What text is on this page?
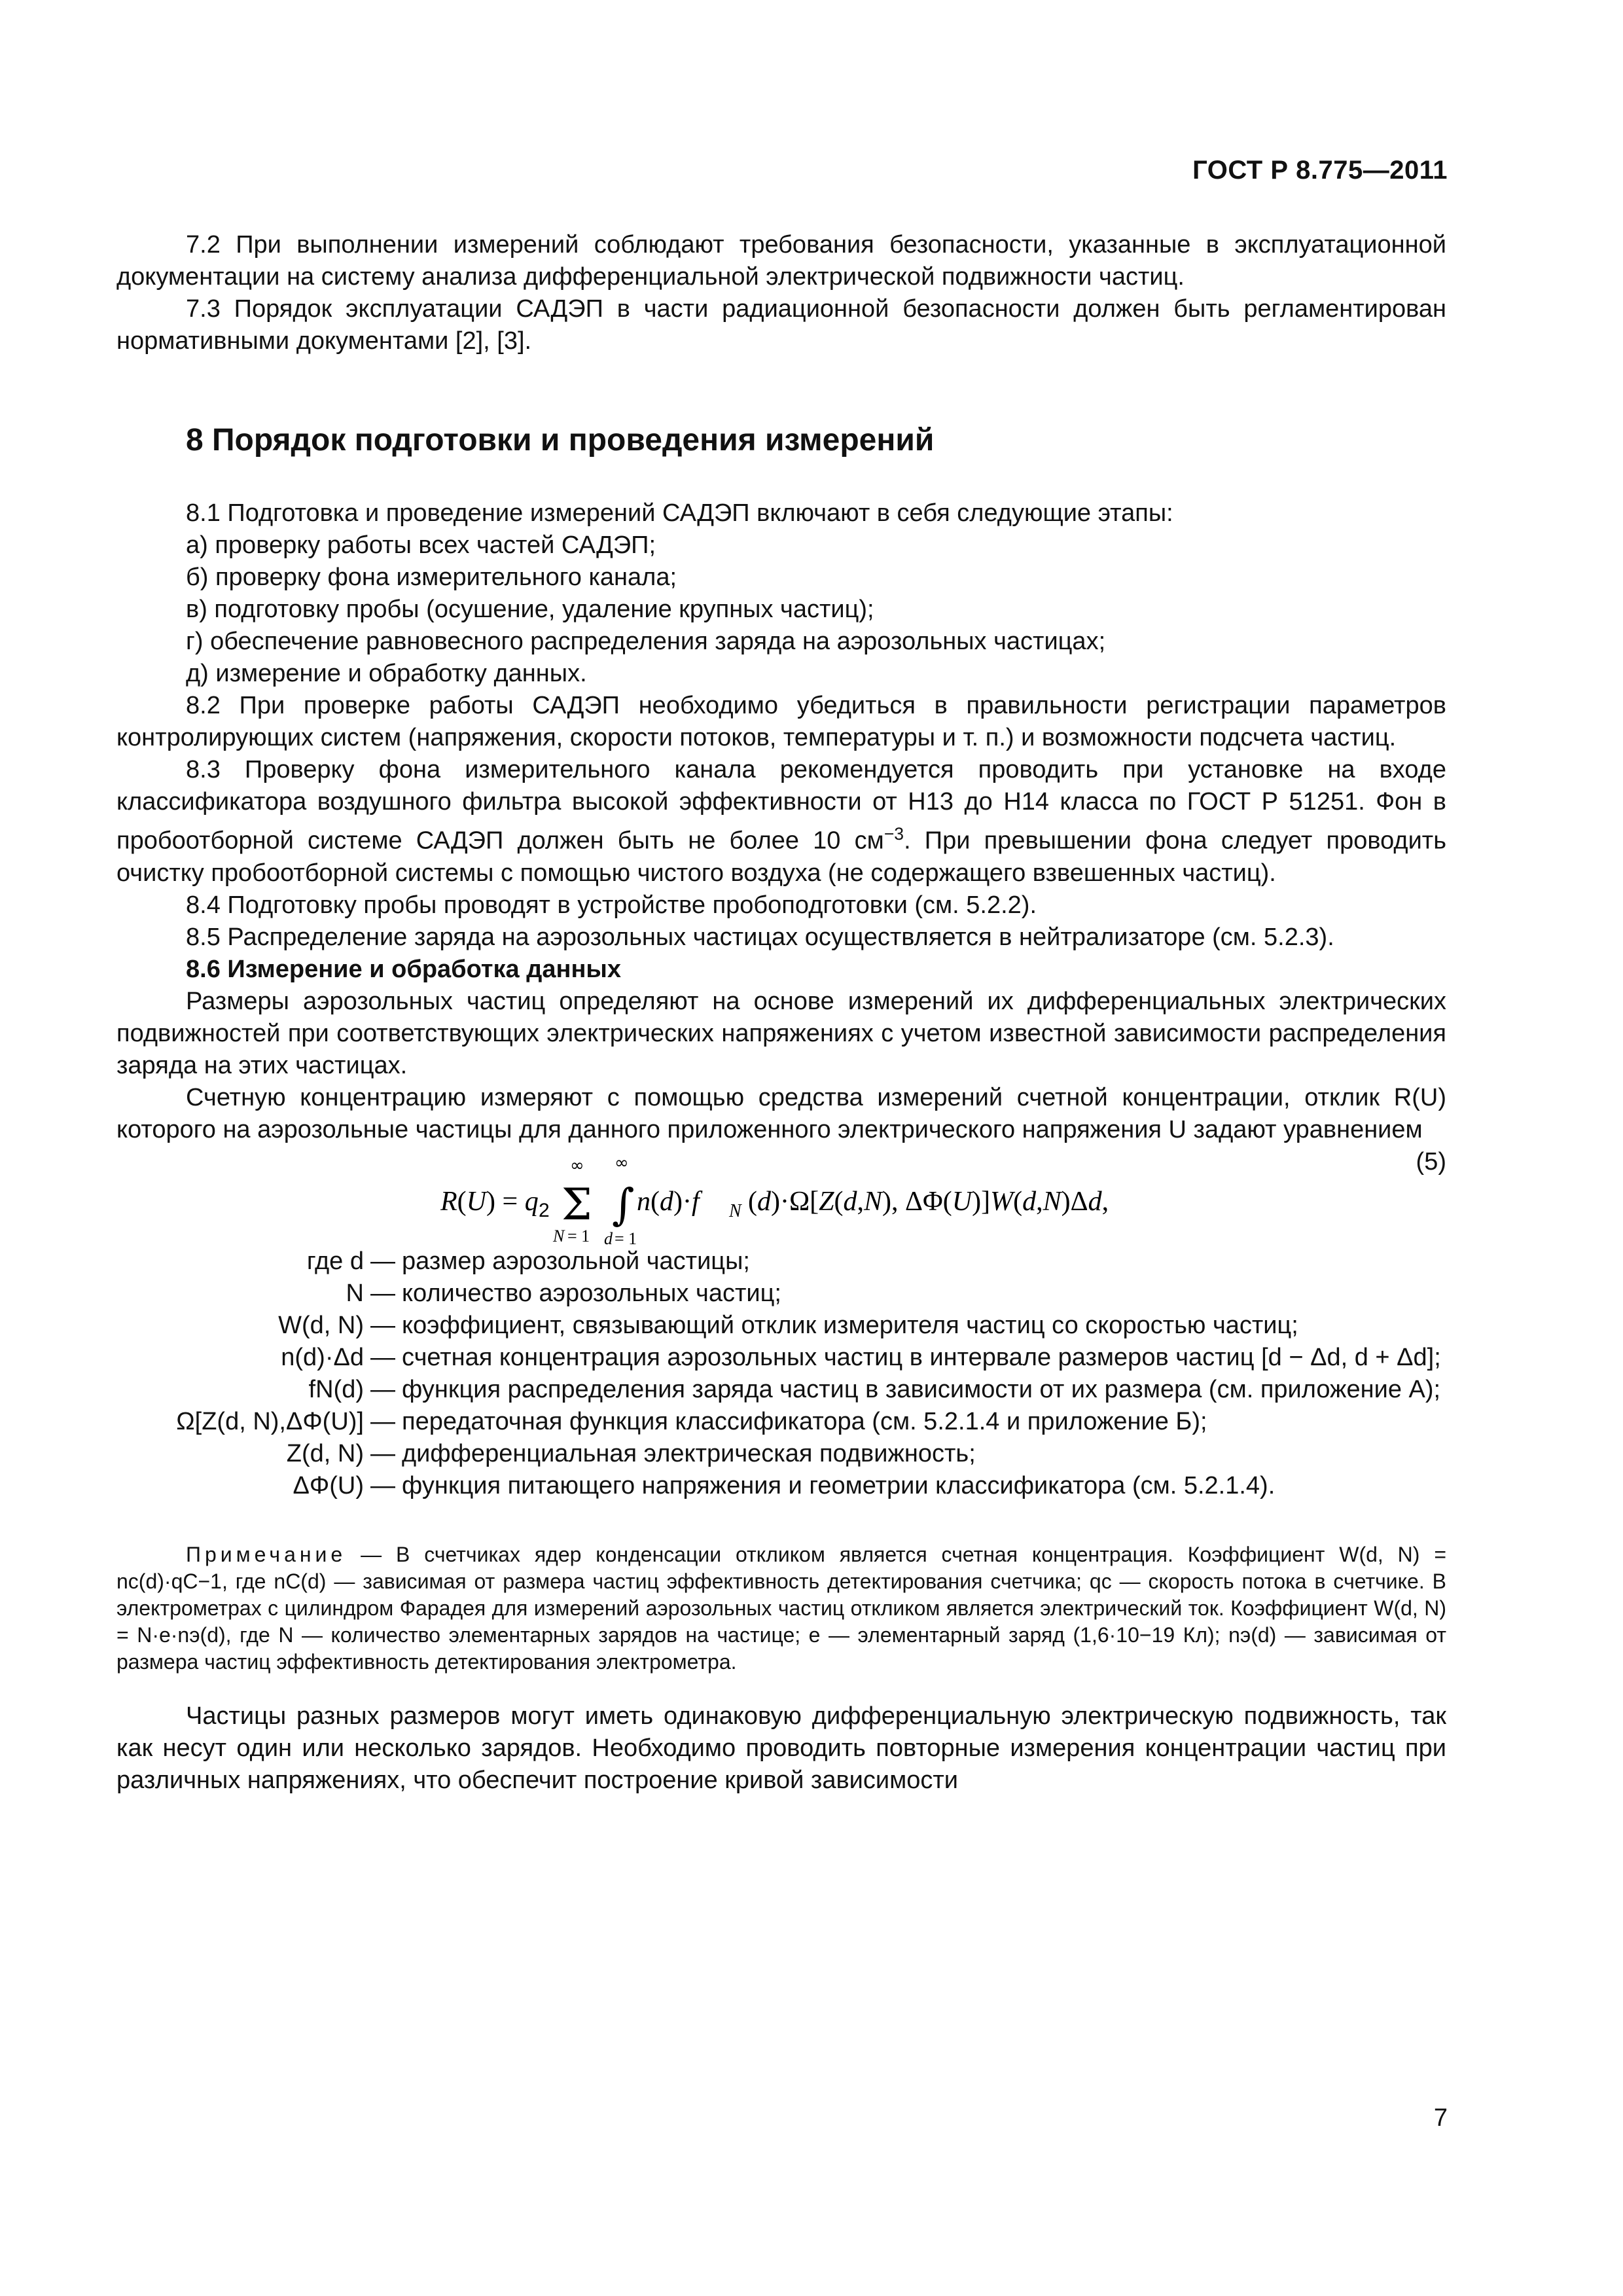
ГОСТ Р 8.775—2011

7.2 При выполнении измерений соблюдают требования безопасности, указанные в эксплуатационной документации на систему анализа дифференциальной электрической подвижности частиц.

7.3 Порядок эксплуатации САДЭП в части радиационной безопасности должен быть регламентирован нормативными документами [2], [3].

8 Порядок подготовки и проведения измерений

8.1 Подготовка и проведение измерений САДЭП включают в себя следующие этапы:

а) проверку работы всех частей САДЭП;

б) проверку фона измерительного канала;

в) подготовку пробы (осушение, удаление крупных частиц);

г) обеспечение равновесного распределения заряда на аэрозольных частицах;

д) измерение и обработку данных.

8.2 При проверке работы САДЭП необходимо убедиться в правильности регистрации параметров контролирующих систем (напряжения, скорости потоков, температуры и т. п.) и возможности подсчета частиц.

8.3 Проверку фона измерительного канала рекомендуется проводить при установке на входе классификатора воздушного фильтра высокой эффективности от H13 до H14 класса по ГОСТ Р 51251. Фон в пробоотборной системе САДЭП должен быть не более 10 $см^{-3}$. При превышении фона следует проводить очистку пробоотборной системы с помощью чистого воздуха (не содержащего взвешенных частиц).

8.4 Подготовку пробы проводят в устройстве пробоподготовки (см. 5.2.2).

8.5 Распределение заряда на аэрозольных частицах осуществляется в нейтрализаторе (см. 5.2.3).

8.6 Измерение и обработка данных

Размеры аэрозольных частиц определяют на основе измерений их дифференциальных электрических подвижностей при соответствующих электрических напряжениях с учетом известной зависимости распределения заряда на этих частицах.

Счетную концентрацию измеряют с помощью средства измерений счетной концентрации, отклик R(U) которого на аэрозольные частицы для данного приложенного электрического напряжения U задают уравнением

R(U) = q 2 Σ
∞
N = 1
∫
∞
d = 1
n(d)·f N (d)·Ω[Z(d,N), ΔΦ(U)]W(d,N)Δd,
(5)
где d — размер аэрозольной частицы;
N — количество аэрозольных частиц;
W(d, N) — коэффициент, связывающий отклик измерителя частиц со скоростью частиц;
n(d)·Δd — счетная концентрация аэрозольных частиц в интервале размеров частиц [d − Δd, d + Δd];
fN(d) — функция распределения заряда частиц в зависимости от их размера (см. приложение А);
Ω[Z(d, N),ΔΦ(U)] — передаточная функция классификатора (см. 5.2.1.4 и приложение Б);
Z(d, N) — дифференциальная электрическая подвижность;
ΔΦ(U) — функция питающего напряжения и геометрии классификатора (см. 5.2.1.4).

Примечание — В счетчиках ядер конденсации откликом является счетная концентрация. Коэффициент W(d, N) = nc(d)·qC−1, где nC(d) — зависимая от размера частиц эффективность детектирования счетчика; qc — скорость потока в счетчике. В электрометрах с цилиндром Фарадея для измерений аэрозольных частиц откликом является электрический ток. Коэффициент W(d, N) = N·e·nэ(d), где N — количество элементарных зарядов на частице; e — элементарный заряд (1,6·10−19 Кл); nэ(d) — зависимая от размера частиц эффективность детектирования электрометра.

Частицы разных размеров могут иметь одинаковую дифференциальную электрическую подвижность, так как несут один или несколько зарядов. Необходимо проводить повторные измерения концентрации частиц при различных напряжениях, что обеспечит построение кривой зависимости

7
